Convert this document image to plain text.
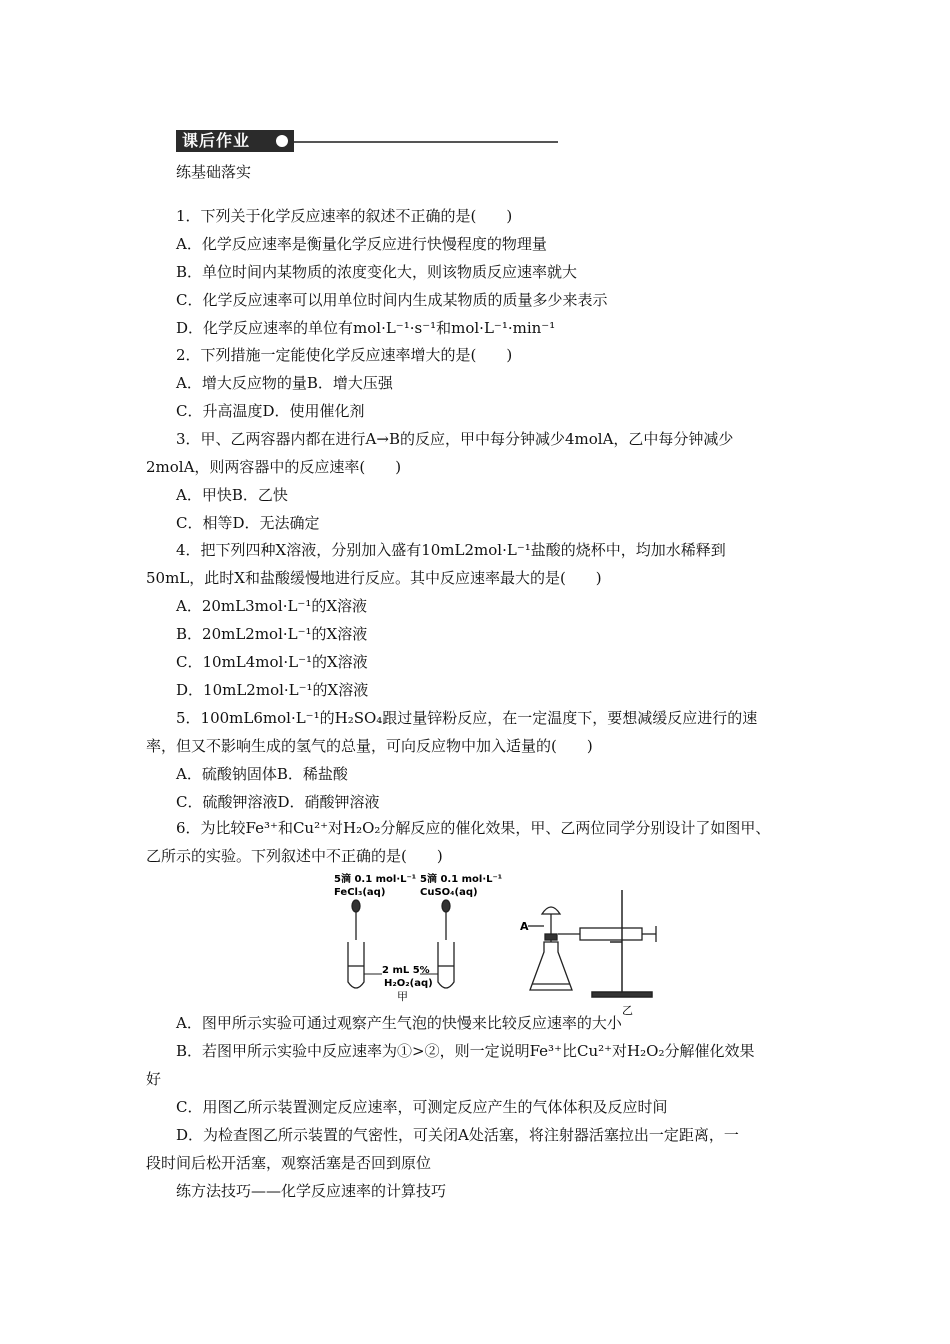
课后作业
练基础落实
1．下列关于化学反应速率的叙述不正确的是(　　)
A．化学反应速率是衡量化学反应进行快慢程度的物理量
B．单位时间内某物质的浓度变化大，则该物质反应速率就大
C．化学反应速率可以用单位时间内生成某物质的质量多少来表示
D．化学反应速率的单位有mol·L⁻¹·s⁻¹和mol·L⁻¹·min⁻¹
2．下列措施一定能使化学反应速率增大的是(　　)
A．增大反应物的量B．增大压强
C．升高温度D．使用催化剂
3．甲、乙两容器内都在进行A→B的反应，甲中每分钟减少4molA，乙中每分钟减少
2molA，则两容器中的反应速率(　　)
A．甲快B．乙快
C．相等D．无法确定
4．把下列四种X溶液，分别加入盛有10mL2mol·L⁻¹盐酸的烧杯中，均加水稀释到
50mL，此时X和盐酸缓慢地进行反应。其中反应速率最大的是(　　)
A．20mL3mol·L⁻¹的X溶液
B．20mL2mol·L⁻¹的X溶液
C．10mL4mol·L⁻¹的X溶液
D．10mL2mol·L⁻¹的X溶液
5．100mL6mol·L⁻¹的H₂SO₄跟过量锌粉反应，在一定温度下，要想减缓反应进行的速
率，但又不影响生成的氢气的总量，可向反应物中加入适量的(　　)
A．硫酸钠固体B．稀盐酸
C．硫酸钾溶液D．硝酸钾溶液
6．为比较Fe³⁺和Cu²⁺对H₂O₂分解反应的催化效果，甲、乙两位同学分别设计了如图甲、
乙所示的实验。下列叙述中不正确的是(　　)
5滴 0.1 mol·L⁻¹
FeCl₃(aq)
5滴 0.1 mol·L⁻¹
CuSO₄(aq)
2 mL 5%
H₂O₂(aq)
甲
A
乙
A．图甲所示实验可通过观察产生气泡的快慢来比较反应速率的大小
B．若图甲所示实验中反应速率为①>②，则一定说明Fe³⁺比Cu²⁺对H₂O₂分解催化效果
好
C．用图乙所示装置测定反应速率，可测定反应产生的气体体积及反应时间
D．为检查图乙所示装置的气密性，可关闭A处活塞，将注射器活塞拉出一定距离，一
段时间后松开活塞，观察活塞是否回到原位
练方法技巧——化学反应速率的计算技巧
